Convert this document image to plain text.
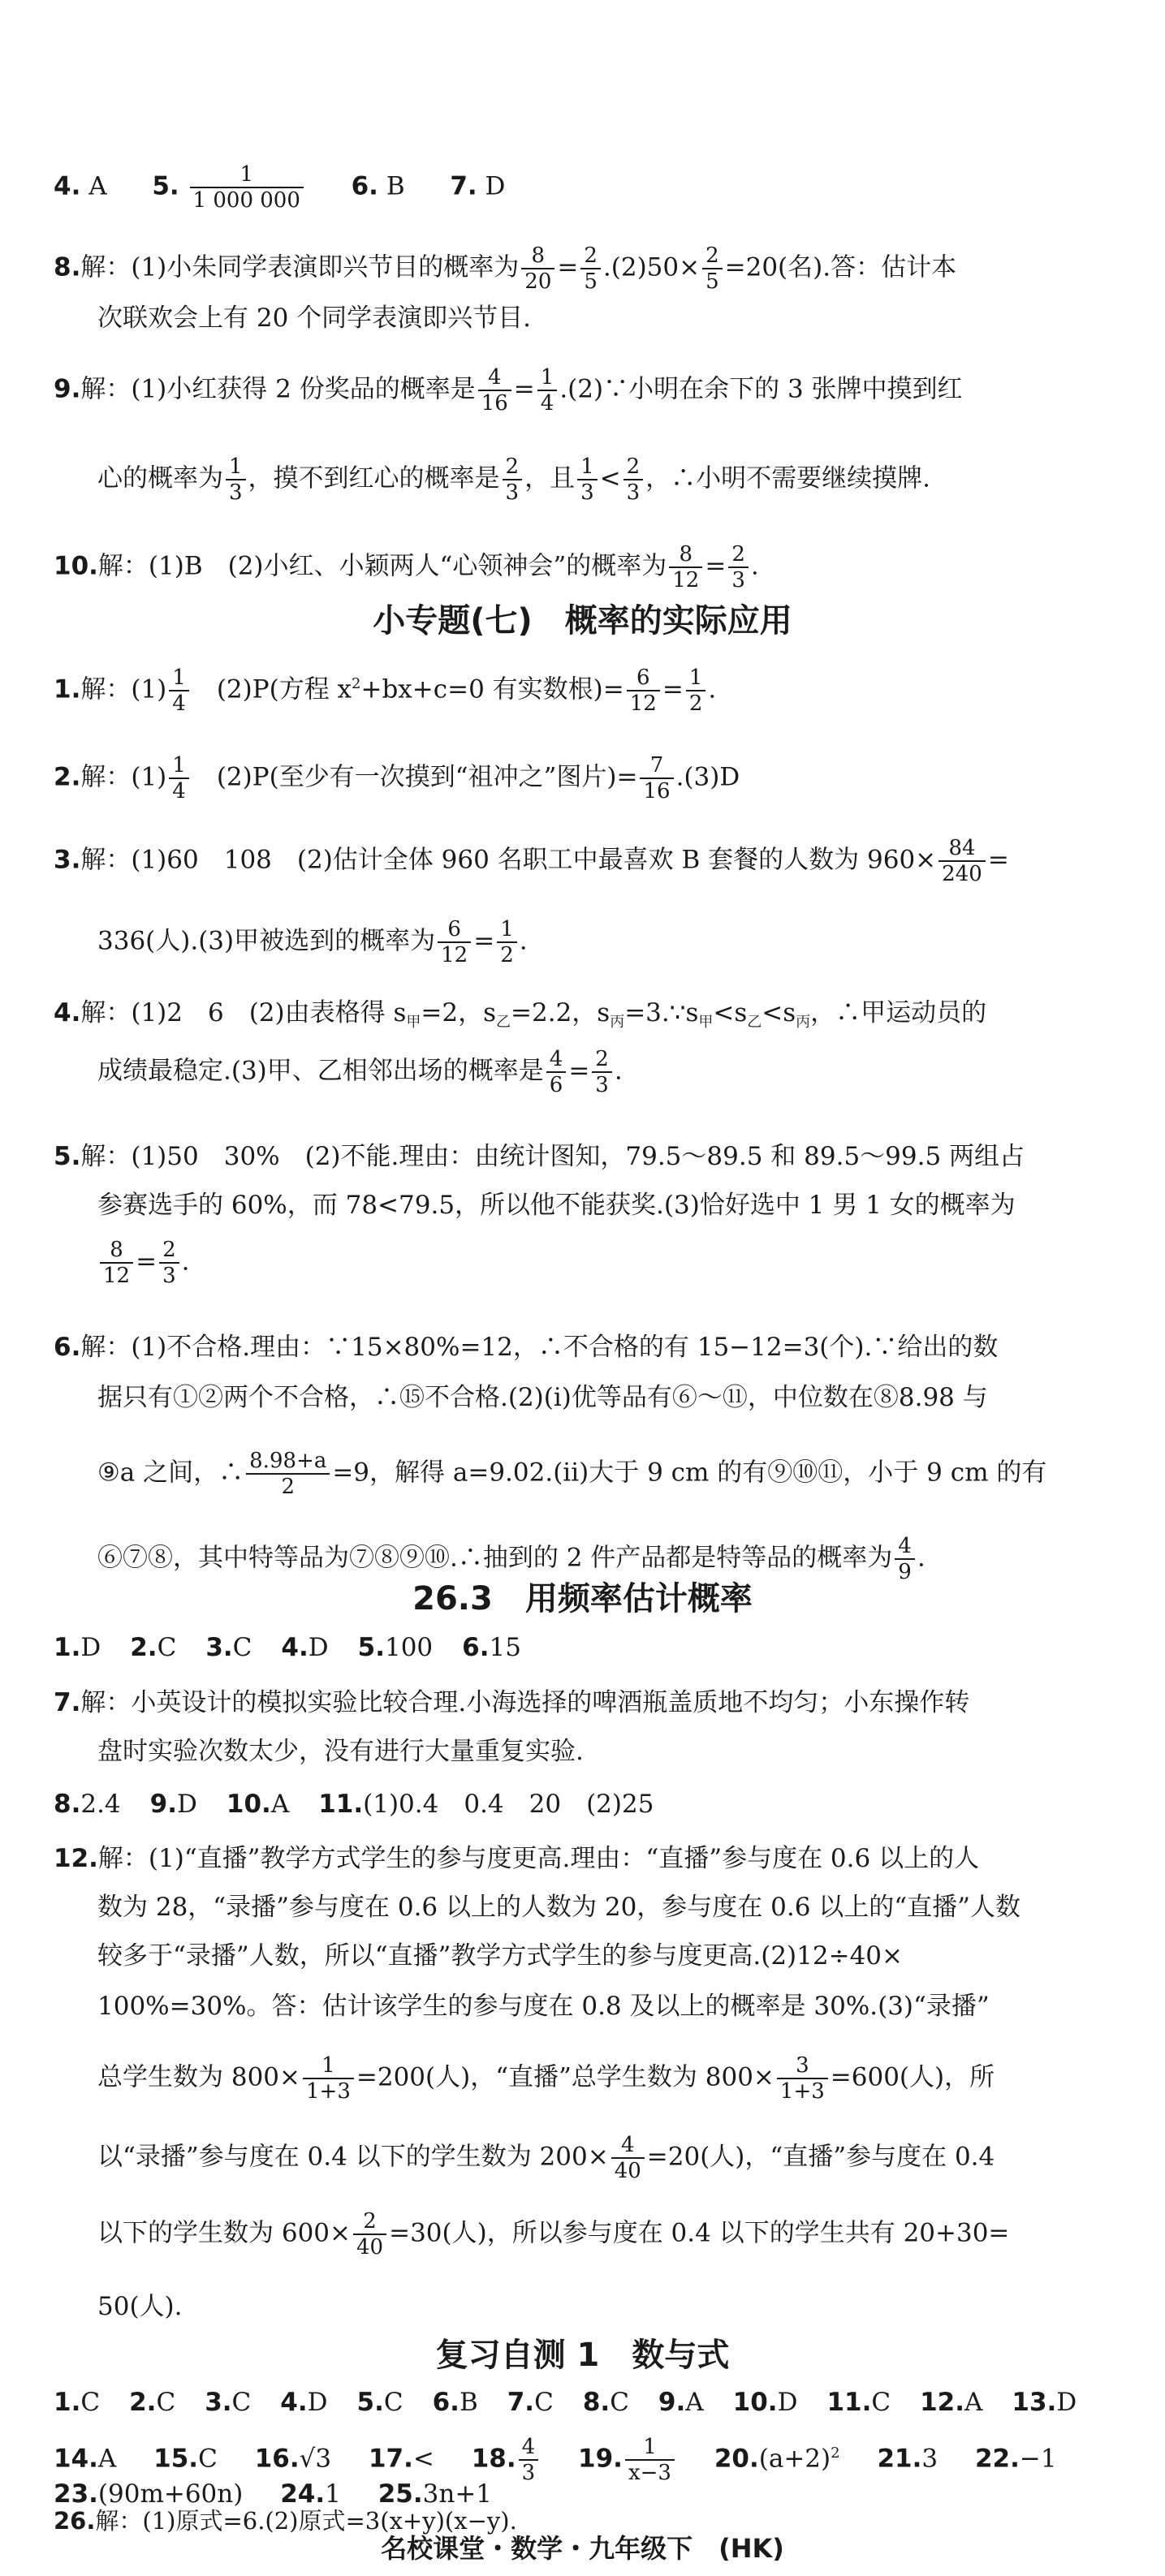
4. A 5. $\frac{1}{1 000 000} 6$. B 7. D
8.解：(1)小朱同学表演即兴节目的概率为 $\frac{8}{20} = \frac{2}{5} .(2)50\times \frac{2}{5} =20$(名).答：估计本
次联欢会上有 20 个同学表演即兴节目.
9.解：(1)小红获得 2 份奖品的概率是 $\frac{4}{16} = \frac{1}{4}$ .(2)∵小明在余下的 3 张牌中摸到红
心的概率为 $\frac{1}{3}$ ，摸不到红心的概率是 $\frac{2}{3}$ ，且 $\frac{1}{3} < \frac{2}{3}$ ，∴小明不需要继续摸牌.
10.解：(1)B　(2)小红、小颖两人“心领神会”的概率为 $\frac{8}{12} = \frac{2}{3}$ .
小专题(七)　概率的实际应用
1.解：$(1) \frac{1}{4}$ 　(2)P(方程 $x^2+bx+c=0$ 有实数根)= $\frac{6}{12} = \frac{1}{2}$ .
2.解：$(1) \frac{1}{4}$ 　(2)P(至少有一次摸到“祖冲之”图片)= $\frac{7}{16} .(3)D$
3.解：(1)60　108　(2)估计全体 960 名职工中最喜欢 B 套餐的人数为 $960\times \frac{84}{240}$ =
336(人).(3)甲被选到的概率为 $\frac{6}{12} = \frac{1}{2}$ .
4.解：(1)2　6　(2)由表格得 $s_甲=2$，$s_乙=2.2$，$s_丙=3.\because s_甲<s_乙<s_丙$，∴甲运动员的
成绩最稳定.(3)甲、乙相邻出场的概率是 $\frac{4}{6} = \frac{2}{3}$ .
5.解：(1)50　30%　(2)不能.理由：由统计图知，79.5～89.5 和 89.5～99.5 两组占
参赛选手的 60%，而 78<79.5，所以他不能获奖.(3)恰好选中 1 男 1 女的概率为
$\frac{8}{12} = \frac{2}{3}$ .
6.解：(1)不合格.理由：∵15×80%=12，∴不合格的有 15−12=3(个).∵给出的数
据只有①②两个不合格，∴⑮不合格.(2)(i)优等品有⑥～⑪，中位数在⑧8.98 与
⑨a 之间，∴ $\frac{8.98+a}{2} =9$，解得 a=9.02.(ii)大于 9 cm 的有⑨⑩⑪，小于 9 cm 的有
⑥⑦⑧，其中特等品为⑦⑧⑨⑩.∴抽到的 2 件产品都是特等品的概率为 $\frac{4}{9}$ .
26.3　用频率估计概率
1.D 2.C 3.C 4.D 5.100 6.15
7.解：小英设计的模拟实验比较合理.小海选择的啤酒瓶盖质地不均匀；小东操作转
盘时实验次数太少，没有进行大量重复实验.
8.2.4 9.D 10.A 11.(1)0.4　0.4　20　(2)25
12.解：(1)“直播”教学方式学生的参与度更高.理由：“直播”参与度在 0.6 以上的人
数为 28，“录播”参与度在 0.6 以上的人数为 20，参与度在 0.6 以上的“直播”人数
较多于“录播”人数，所以“直播”教学方式学生的参与度更高.(2)12÷40×
100%=30%。答：估计该学生的参与度在 0.8 及以上的概率是 30%.(3)“录播”
总学生数为 $800\times \frac{1}{1+3} =200$(人)，“直播”总学生数为 $800\times \frac{3}{1+3} =600$(人)，所
以“录播”参与度在 0.4 以下的学生数为 $200\times \frac{4}{40} =20$(人)，“直播”参与度在 0.4
以下的学生数为 $600\times \frac{2}{40} =30$(人)，所以参与度在 0.4 以下的学生共有 20+30=
50(人).
复习自测 1　数与式
1.C 2.C 3.C 4.D 5.C 6.B 7.C 8.C 9.A 10.D 11.C 12.A 13.D
14.A 15.C 16.√3 17.< 18. $\frac{4}{3} 19$. $\frac{1}{x-3} 20.(a+2)^2$ 21.3 22.−1
23.(90m+60n) 24.1 25.3n+1
26.解：(1)原式=6.(2)原式=3(x+y)(x−y).
名校课堂・数学・九年级下　(HK)
